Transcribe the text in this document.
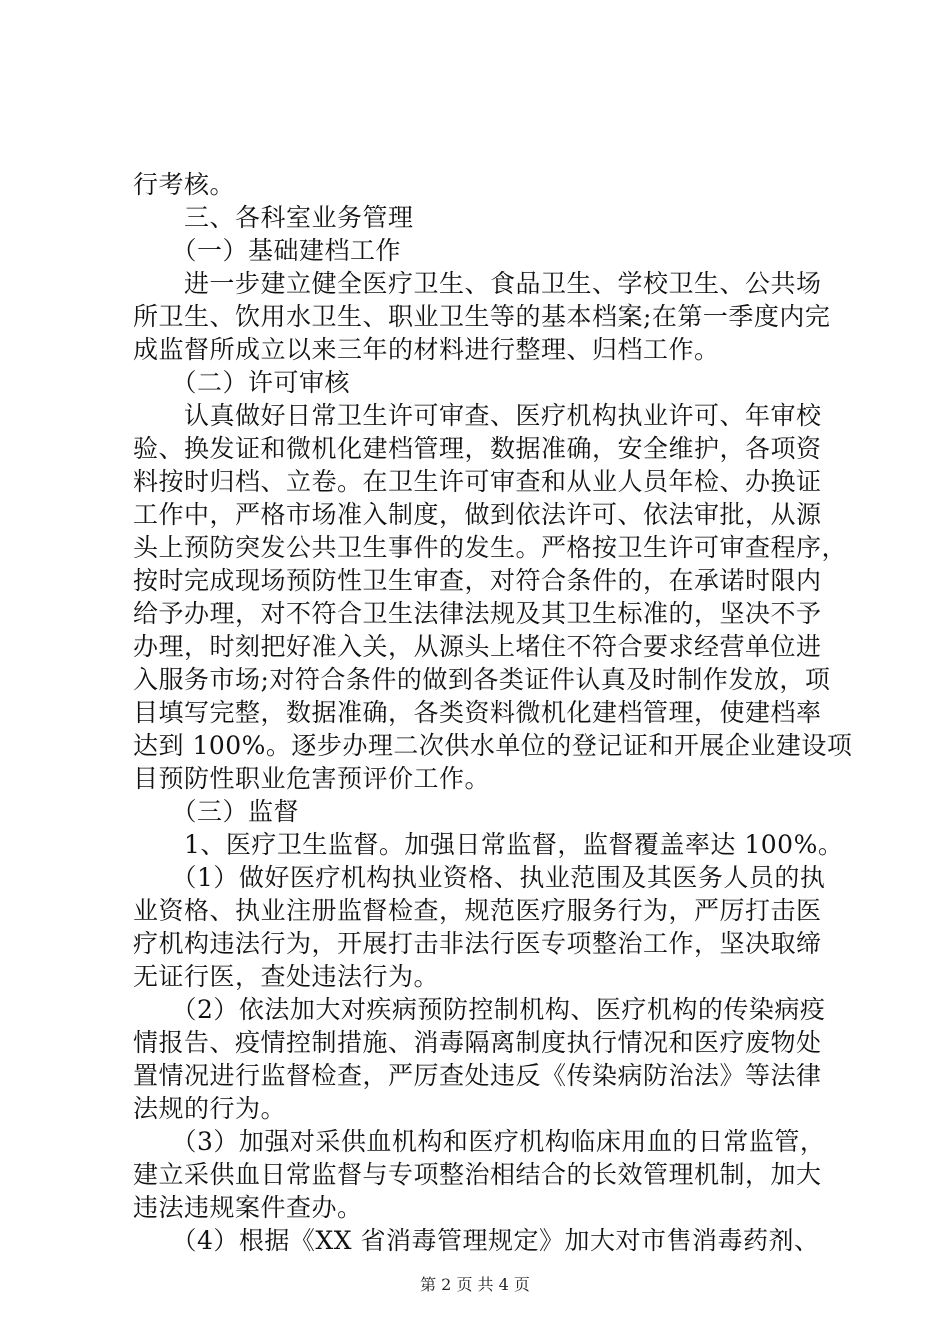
行考核。
　　三、各科室业务管理
　　（一）基础建档工作
　　进一步建立健全医疗卫生、食品卫生、学校卫生、公共场
所卫生、饮用水卫生、职业卫生等的基本档案;在第一季度内完
成监督所成立以来三年的材料进行整理、归档工作。
　　（二）许可审核
　　认真做好日常卫生许可审查、医疗机构执业许可、年审校
验、换发证和微机化建档管理，数据准确，安全维护，各项资
料按时归档、立卷。在卫生许可审查和从业人员年检、办换证
工作中，严格市场准入制度，做到依法许可、依法审批，从源
头上预防突发公共卫生事件的发生。严格按卫生许可审查程序，
按时完成现场预防性卫生审查，对符合条件的，在承诺时限内
给予办理，对不符合卫生法律法规及其卫生标准的，坚决不予
办理，时刻把好准入关，从源头上堵住不符合要求经营单位进
入服务市场;对符合条件的做到各类证件认真及时制作发放，项
目填写完整，数据准确，各类资料微机化建档管理，使建档率
达到 100%。逐步办理二次供水单位的登记证和开展企业建设项
目预防性职业危害预评价工作。
　　（三）监督
　　1、医疗卫生监督。加强日常监督，监督覆盖率达 100%。
　　（1）做好医疗机构执业资格、执业范围及其医务人员的执
业资格、执业注册监督检查，规范医疗服务行为，严厉打击医
疗机构违法行为，开展打击非法行医专项整治工作，坚决取缔
无证行医，查处违法行为。
　　（2）依法加大对疾病预防控制机构、医疗机构的传染病疫
情报告、疫情控制措施、消毒隔离制度执行情况和医疗废物处
置情况进行监督检查，严厉查处违反《传染病防治法》等法律
法规的行为。
　　（3）加强对采供血机构和医疗机构临床用血的日常监管，
建立采供血日常监督与专项整治相结合的长效管理机制，加大
违法违规案件查办。
　　（4）根据《XX 省消毒管理规定》加大对市售消毒药剂、
第 2 页 共 4 页
